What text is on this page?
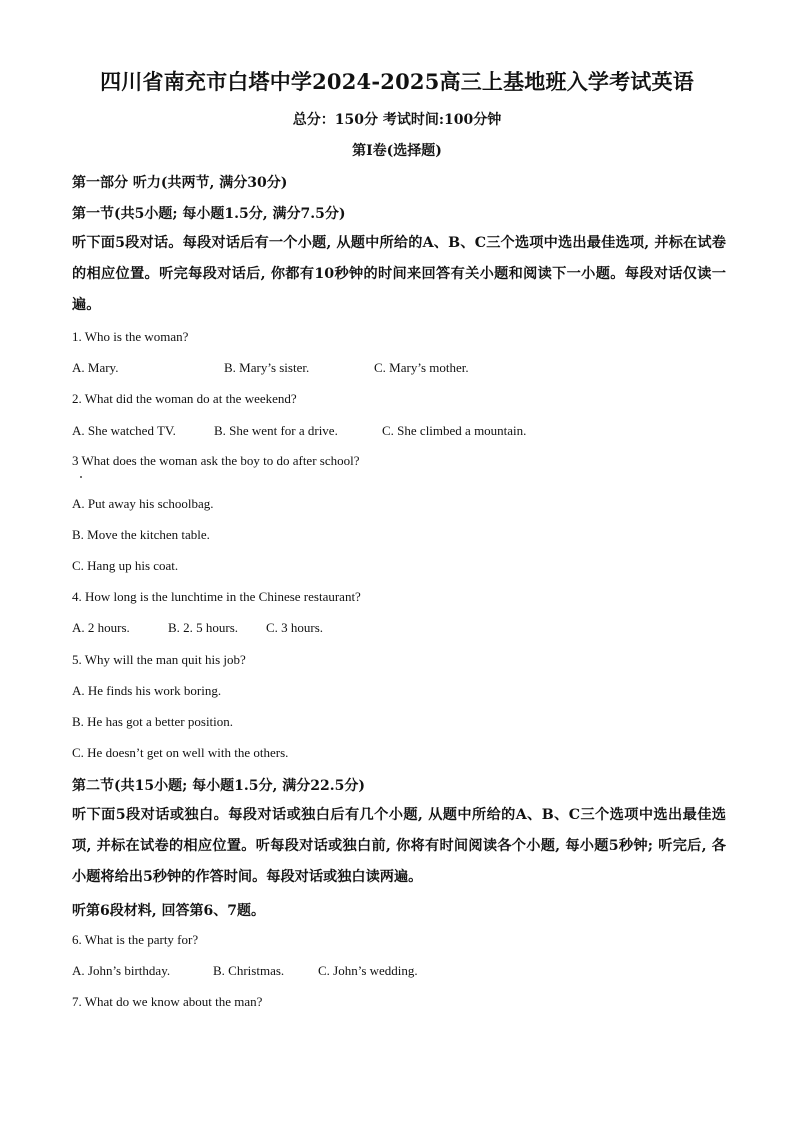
四川省南充市白塔中学2024-2025高三上基地班入学考试英语
总分：150分 考试时间:100分钟
第I卷(选择题)
第一部分 听力(共两节, 满分30分)
第一节(共5小题; 每小题1.5分, 满分7.5分)
听下面5段对话。每段对话后有一个小题, 从题中所给的A、B、C三个选项中选出最佳选项, 并标在试卷的相应位置。听完每段对话后, 你都有10秒钟的时间来回答有关小题和阅读下一小题。每段对话仅读一遍。
1. Who is the woman?
A. Mary.	B. Mary’s sister.	C. Mary’s mother.
2. What did the woman do at the weekend?
A. She watched TV.	B. She went for a drive.	C. She climbed a mountain.
3 What does the woman ask the boy to do after school?
A. Put away his schoolbag.
B. Move the kitchen table.
C. Hang up his coat.
4. How long is the lunchtime in the Chinese restaurant?
A. 2 hours.	B. 2. 5 hours. C. 3 hours.
5. Why will the man quit his job?
A. He finds his work boring.
B. He has got a better position.
C. He doesn’t get on well with the others.
第二节(共15小题; 每小题1.5分, 满分22.5分)
听下面5段对话或独白。每段对话或独白后有几个小题, 从题中所给的A、B、C三个选项中选出最佳选项, 并标在试卷的相应位置。听每段对话或独白前, 你将有时间阅读各个小题, 每小题5秒钟; 听完后, 各小题将给出5秒钟的作答时间。每段对话或独白读两遍。
听第6段材料, 回答第6、7题。
6. What is the party for?
A. John’s birthday.	B. Christmas.	C. John’s wedding.
7. What do we know about the man?
